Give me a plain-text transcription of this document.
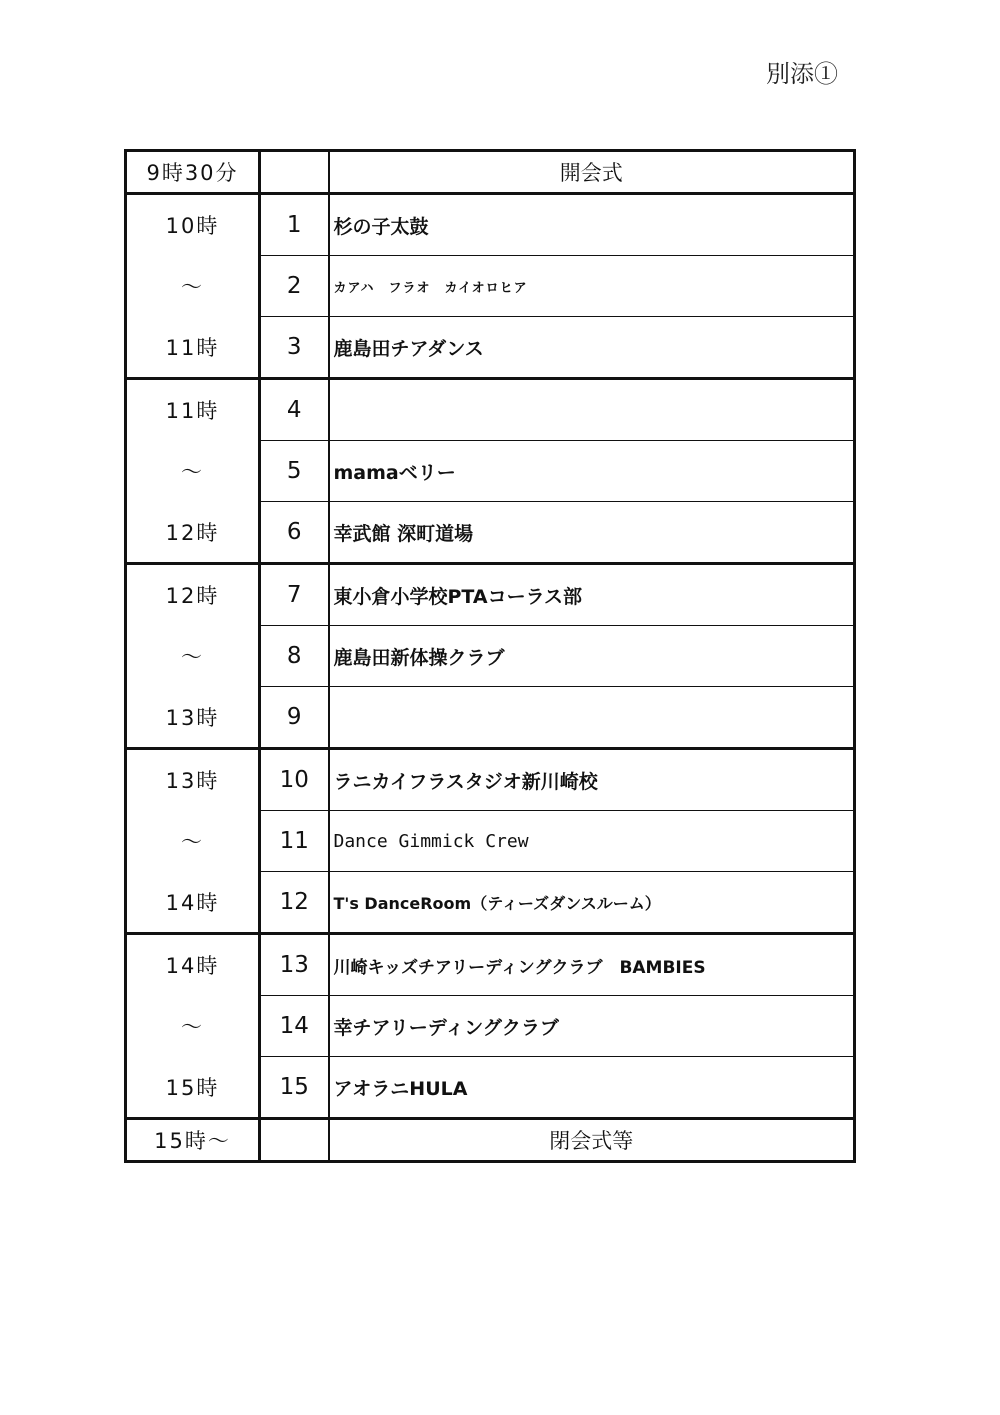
別添①
9時30分		開会式
10時	1	杉の子太鼓
～	2	カアハ　フラオ　カイオロヒア
11時	3	鹿島田チアダンス
11時	4	
～	5	mamaベリー
12時	6	幸武館 深町道場
12時	7	東小倉小学校PTAコーラス部
～	8	鹿島田新体操クラブ
13時	9	
13時	10	ラニカイフラスタジオ新川崎校
～	11	Dance Gimmick Crew
14時	12	T's DanceRoom（ティーズダンスルーム）
14時	13	川崎キッズチアリーディングクラブ　BAMBIES
～	14	幸チアリーディングクラブ
15時	15	アオラニHULA
15時～		閉会式等
